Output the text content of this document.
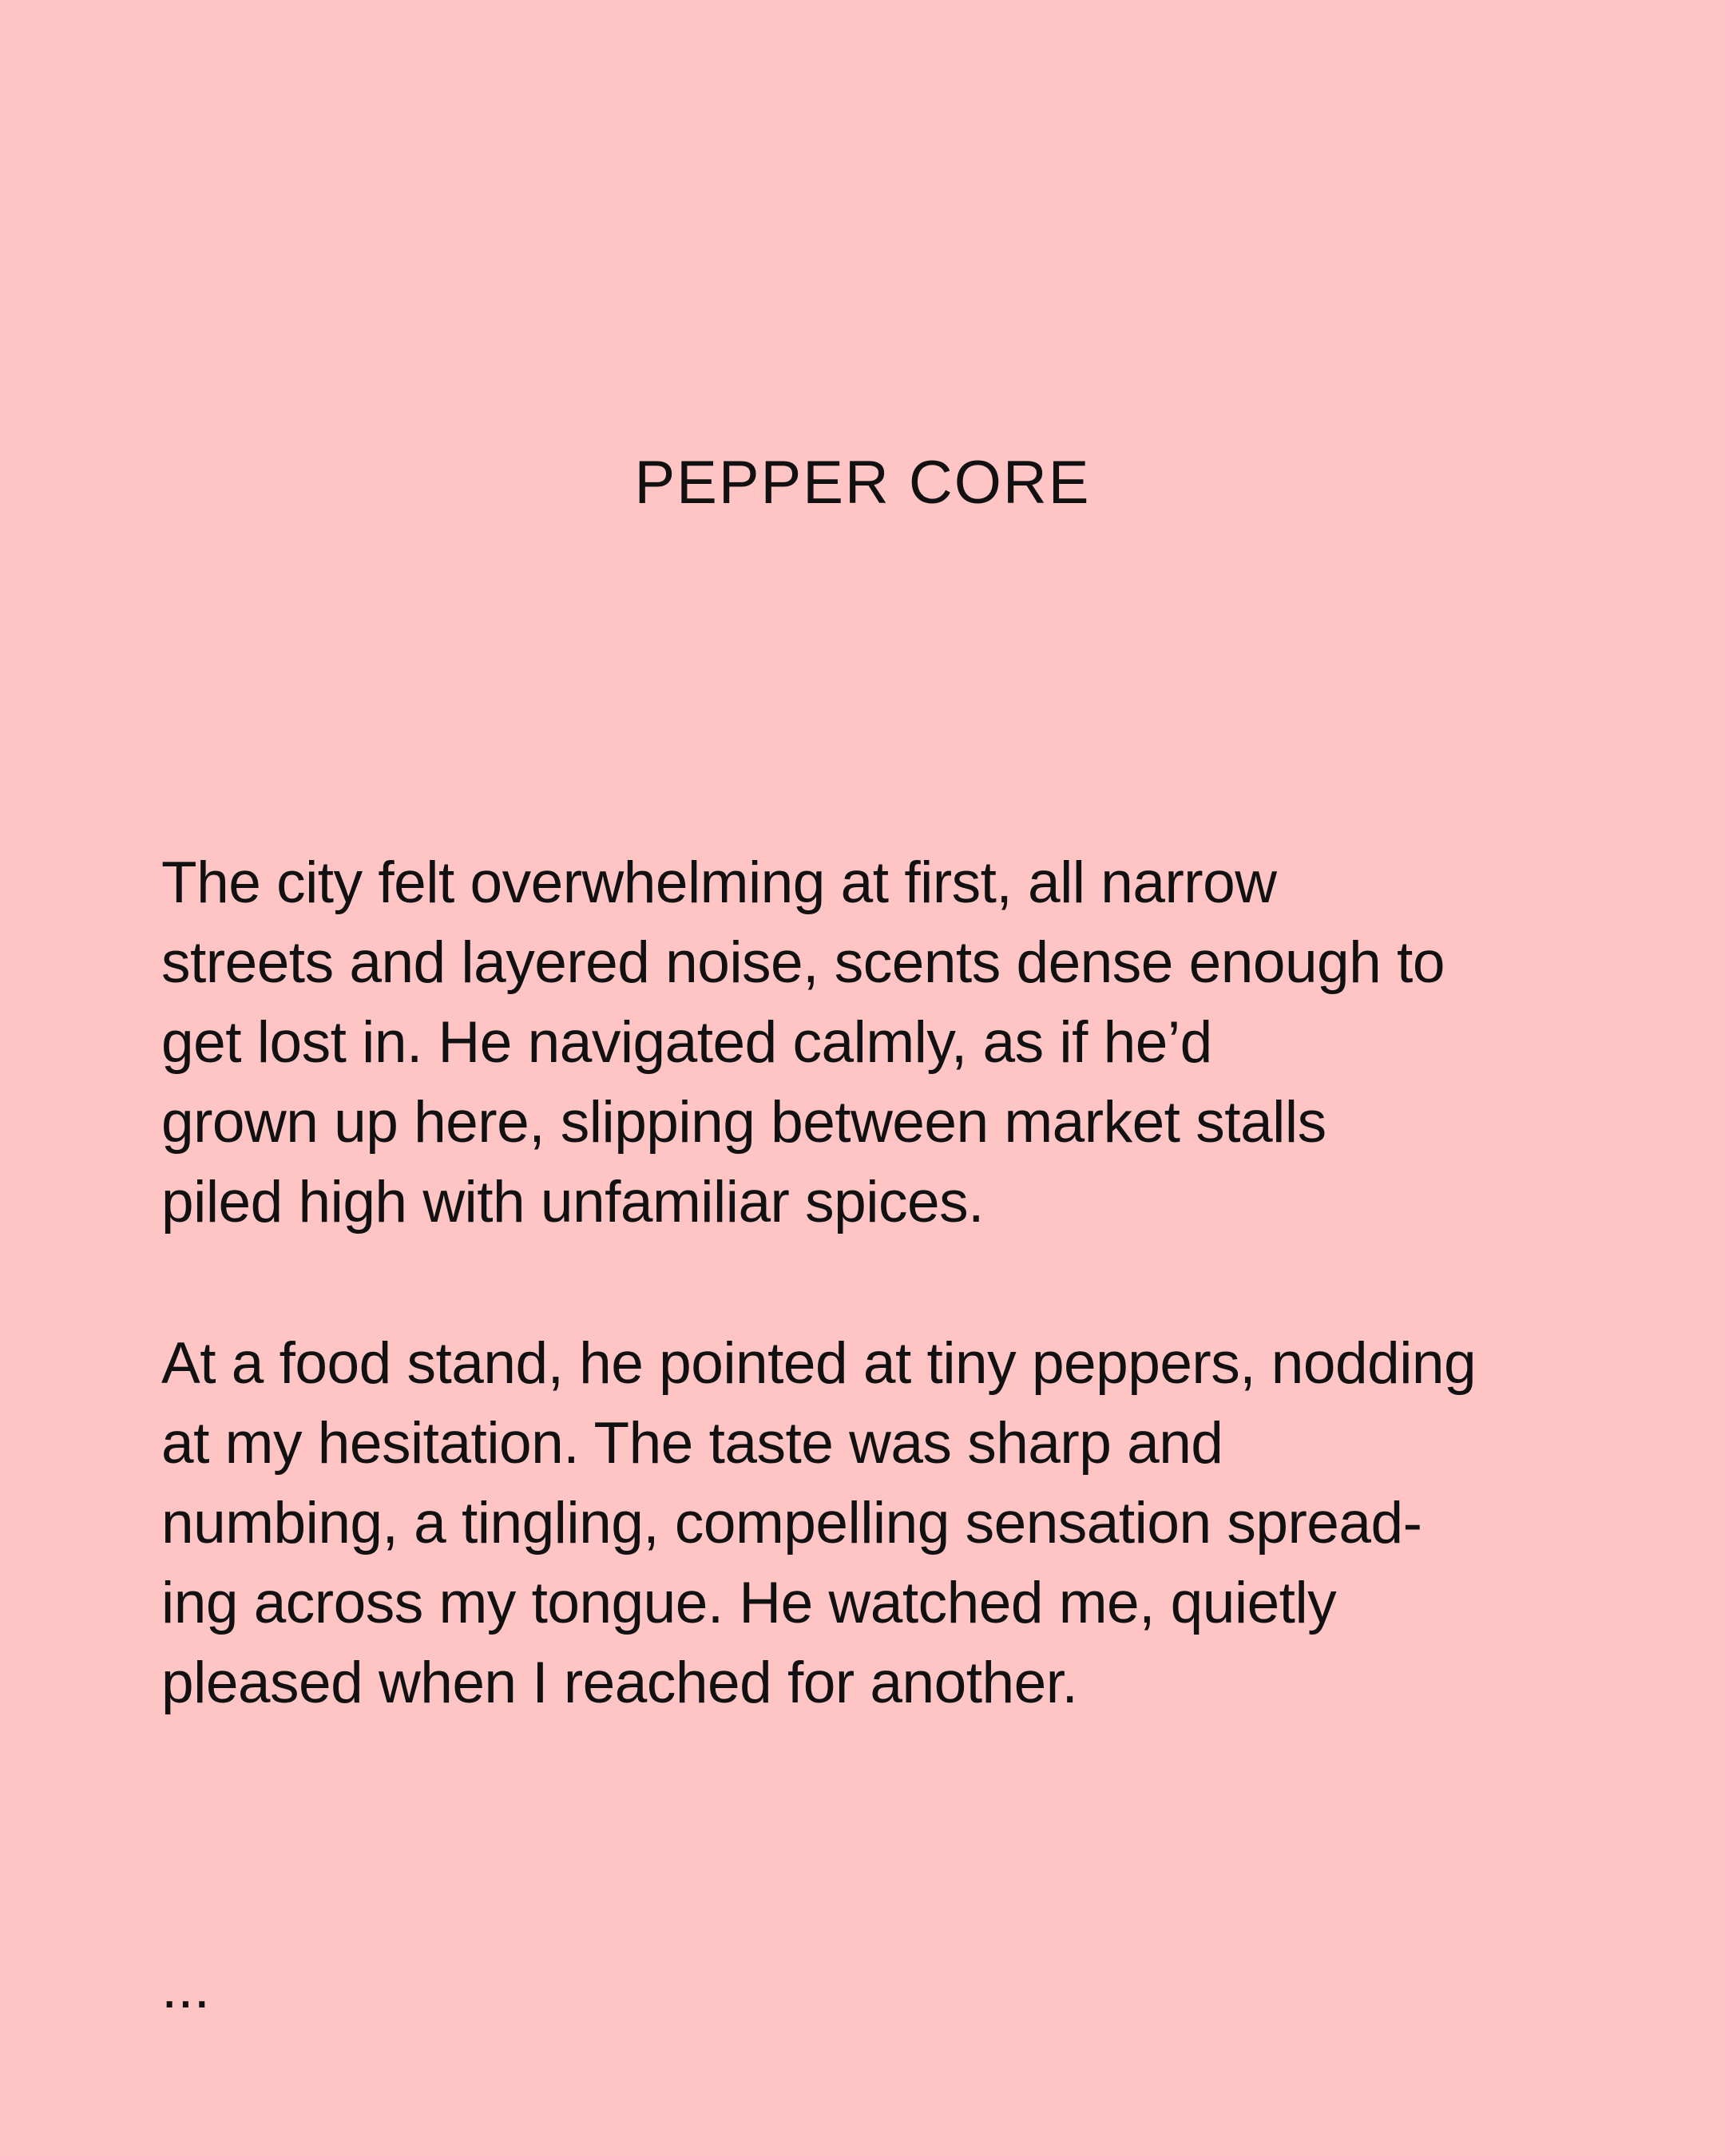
PEPPER CORE
The city felt overwhelming at first, all narrow
streets and layered noise, scents dense enough to
get lost in. He navigated calmly, as if he’d
grown up here, slipping between market stalls
piled high with unfamiliar spices.
At a food stand, he pointed at tiny peppers, nodding
at my hesitation. The taste was sharp and
numbing, a tingling, compelling sensation spread-
ing across my tongue. He watched me, quietly
pleased when I reached for another.

...
